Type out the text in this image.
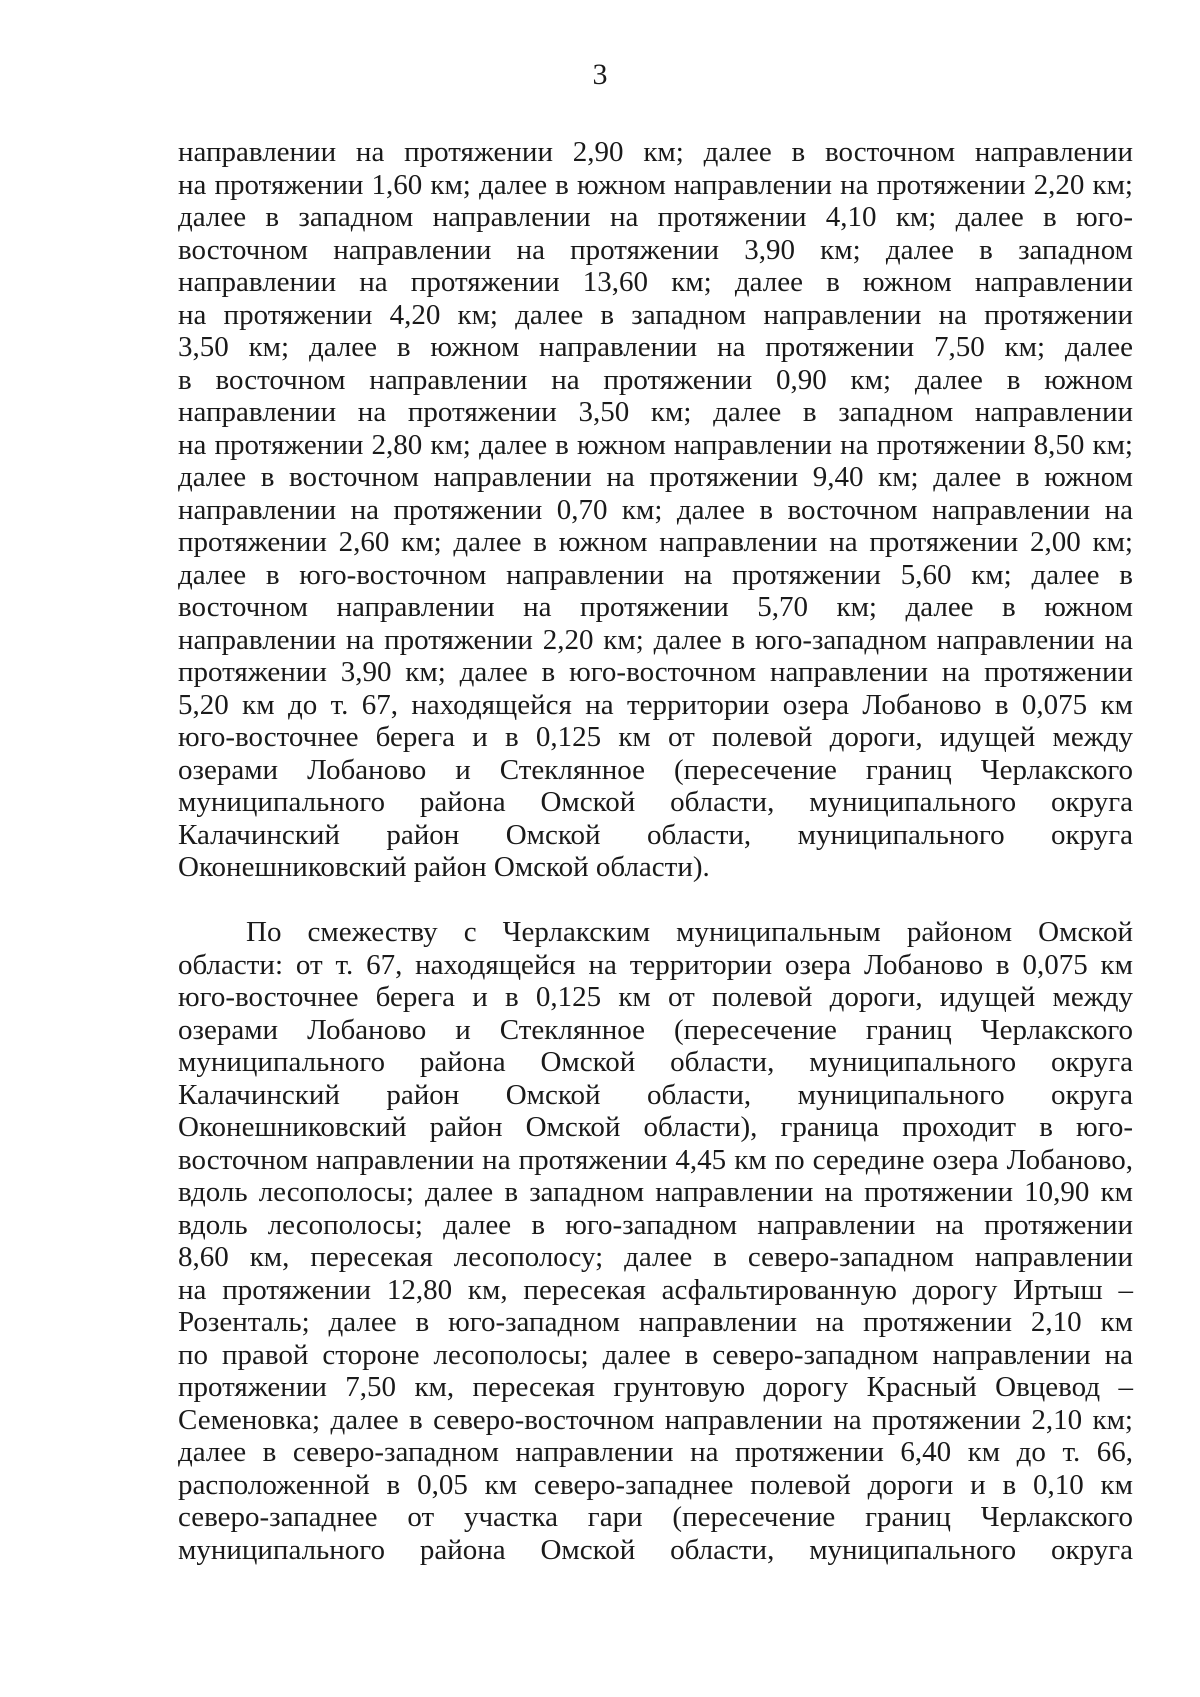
3
направлении на протяжении 2,90 км; далее в восточном направлении
на протяжении 1,60 км; далее в южном направлении на протяжении 2,20 км;
далее в западном направлении на протяжении 4,10 км; далее в юго-
восточном направлении на протяжении 3,90 км; далее в западном
направлении на протяжении 13,60 км; далее в южном направлении
на протяжении 4,20 км; далее в западном направлении на протяжении
3,50 км; далее в южном направлении на протяжении 7,50 км; далее
в восточном направлении на протяжении 0,90 км; далее в южном
направлении на протяжении 3,50 км; далее в западном направлении
на протяжении 2,80 км; далее в южном направлении на протяжении 8,50 км;
далее в восточном направлении на протяжении 9,40 км; далее в южном
направлении на протяжении 0,70 км; далее в восточном направлении на
протяжении 2,60 км; далее в южном направлении на протяжении 2,00 км;
далее в юго-восточном направлении на протяжении 5,60 км; далее в
восточном направлении на протяжении 5,70 км; далее в южном
направлении на протяжении 2,20 км; далее в юго-западном направлении на
протяжении 3,90 км; далее в юго-восточном направлении на протяжении
5,20 км до т. 67, находящейся на территории озера Лобаново в 0,075 км
юго-восточнее берега и в 0,125 км от полевой дороги, идущей между
озерами Лобаново и Стеклянное (пересечение границ Черлакского
муниципального района Омской области, муниципального округа
Калачинский район Омской области, муниципального округа
Оконешниковский район Омской области).
По смежеству с Черлакским муниципальным районом Омской
области: от т. 67, находящейся на территории озера Лобаново в 0,075 км
юго-восточнее берега и в 0,125 км от полевой дороги, идущей между
озерами Лобаново и Стеклянное (пересечение границ Черлакского
муниципального района Омской области, муниципального округа
Калачинский район Омской области, муниципального округа
Оконешниковский район Омской области), граница проходит в юго-
восточном направлении на протяжении 4,45 км по середине озера Лобаново,
вдоль лесополосы; далее в западном направлении на протяжении 10,90 км
вдоль лесополосы; далее в юго-западном направлении на протяжении
8,60 км, пересекая лесополосу; далее в северо-западном направлении
на протяжении 12,80 км, пересекая асфальтированную дорогу Иртыш –
Розенталь; далее в юго-западном направлении на протяжении 2,10 км
по правой стороне лесополосы; далее в северо-западном направлении на
протяжении 7,50 км, пересекая грунтовую дорогу Красный Овцевод –
Семеновка; далее в северо-восточном направлении на протяжении 2,10 км;
далее в северо-западном направлении на протяжении 6,40 км до т. 66,
расположенной в 0,05 км северо-западнее полевой дороги и в 0,10 км
северо-западнее от участка гари (пересечение границ Черлакского
муниципального района Омской области, муниципального округа
